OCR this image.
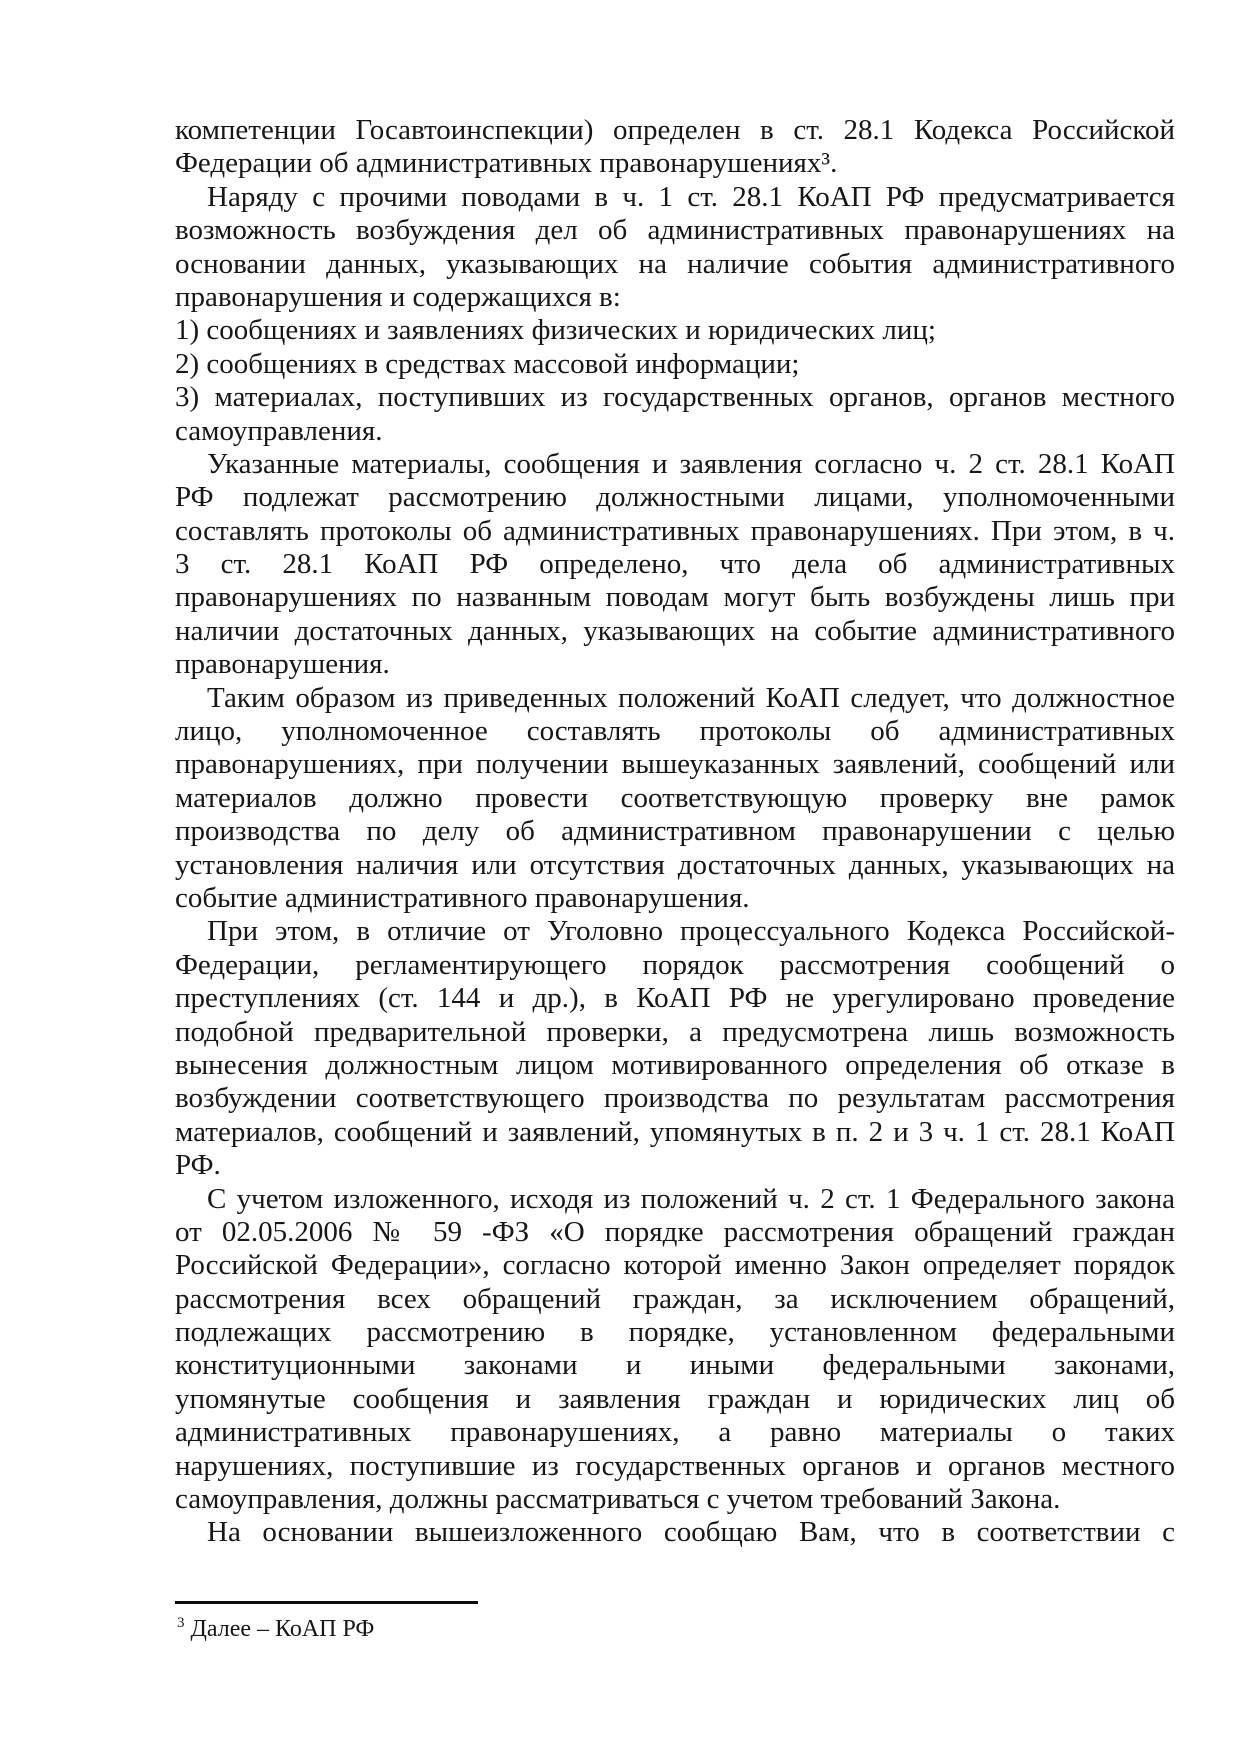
компетенции Госавтоинспекции) определен в ст. 28.1 Кодекса Российской
Федерации об административных правонарушениях³.
Наряду с прочими поводами в ч. 1 ст. 28.1 КоАП РФ предусматривается
возможность возбуждения дел об административных правонарушениях на
основании данных, указывающих на наличие события административного
правонарушения и содержащихся в:
1) сообщениях и заявлениях физических и юридических лиц;
2) сообщениях в средствах массовой информации;
3) материалах, поступивших из государственных органов, органов местного
самоуправления.
Указанные материалы, сообщения и заявления согласно ч. 2 ст. 28.1 КоАП
РФ подлежат рассмотрению должностными лицами, уполномоченными
составлять протоколы об административных правонарушениях. При этом, в ч.
3 ст. 28.1 КоАП РФ определено, что дела об административных
правонарушениях по названным поводам могут быть возбуждены лишь при
наличии достаточных данных, указывающих на событие административного
правонарушения.
Таким образом из приведенных положений КоАП следует, что должностное
лицо, уполномоченное составлять протоколы об административных
правонарушениях, при получении вышеуказанных заявлений, сообщений или
материалов должно провести соответствующую проверку вне рамок
производства по делу об административном правонарушении с целью
установления наличия или отсутствия достаточных данных, указывающих на
событие административного правонарушения.
При этом, в отличие от Уголовно процессуального Кодекса Российской-
Федерации, регламентирующего порядок рассмотрения сообщений о
преступлениях (ст. 144 и др.), в КоАП РФ не урегулировано проведение
подобной предварительной проверки, а предусмотрена лишь возможность
вынесения должностным лицом мотивированного определения об отказе в
возбуждении соответствующего производства по результатам рассмотрения
материалов, сообщений и заявлений, упомянутых в п. 2 и 3 ч. 1 ст. 28.1 КоАП
РФ.
С учетом изложенного, исходя из положений ч. 2 ст. 1 Федерального закона
от 02.05.2006 № 59 -ФЗ «О порядке рассмотрения обращений граждан
Российской Федерации», согласно которой именно Закон определяет порядок
рассмотрения всех обращений граждан, за исключением обращений,
подлежащих рассмотрению в порядке, установленном федеральными
конституционными законами и иными федеральными законами,
упомянутые сообщения и заявления граждан и юридических лиц об
административных правонарушениях, а равно материалы о таких
нарушениях, поступившие из государственных органов и органов местного
самоуправления, должны рассматриваться с учетом требований Закона.
На основании вышеизложенного сообщаю Вам, что в соответствии с
$^3$ Далее – КоАП РФ
